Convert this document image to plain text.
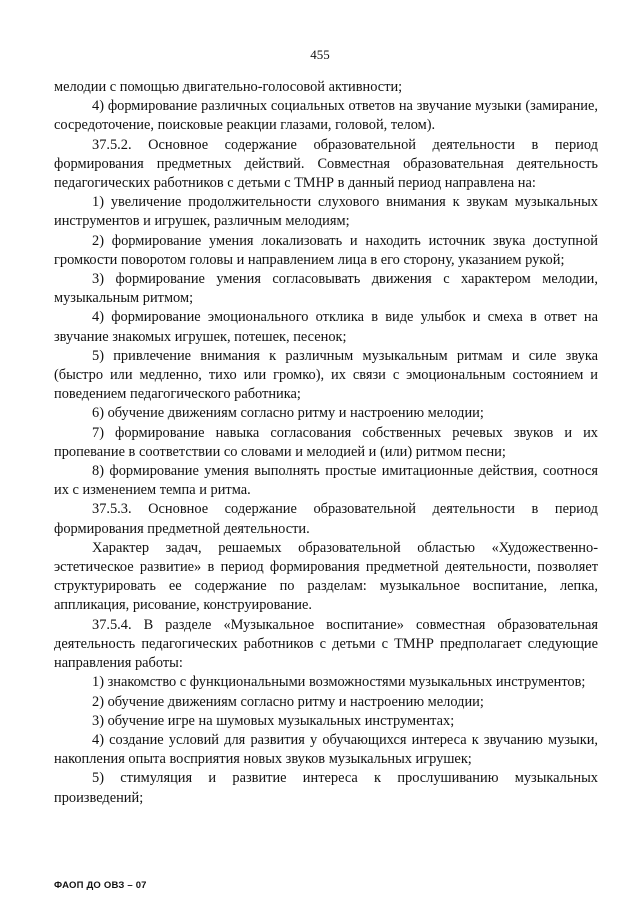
455

мелодии с помощью двигательно-голосовой активности;

4) формирование различных социальных ответов на звучание музыки (замирание, сосредоточение, поисковые реакции глазами, головой, телом).

37.5.2. Основное содержание образовательной деятельности в период формирования предметных действий. Совместная образовательная деятельность педагогических работников с детьми с ТМНР в данный период направлена на:

1) увеличение продолжительности слухового внимания к звукам музыкальных инструментов и игрушек, различным мелодиям;

2) формирование умения локализовать и находить источник звука доступной громкости поворотом головы и направлением лица в его сторону, указанием рукой;

3) формирование умения согласовывать движения с характером мелодии, музыкальным ритмом;

4) формирование эмоционального отклика в виде улыбок и смеха в ответ на звучание знакомых игрушек, потешек, песенок;

5) привлечение внимания к различным музыкальным ритмам и силе звука (быстро или медленно, тихо или громко), их связи с эмоциональным состоянием и поведением педагогического работника;

6) обучение движениям согласно ритму и настроению мелодии;

7) формирование навыка согласования собственных речевых звуков и их пропевание в соответствии со словами и мелодией и (или) ритмом песни;

8) формирование умения выполнять простые имитационные действия, соотнося их с изменением темпа и ритма.

37.5.3. Основное содержание образовательной деятельности в период формирования предметной деятельности.

Характер задач, решаемых образовательной областью «Художественно-эстетическое развитие» в период формирования предметной деятельности, позволяет структурировать ее содержание по разделам: музыкальное воспитание, лепка, аппликация, рисование, конструирование.

37.5.4. В разделе «Музыкальное воспитание» совместная образовательная деятельность педагогических работников с детьми с ТМНР предполагает следующие направления работы:

1) знакомство с функциональными возможностями музыкальных инструментов;

2) обучение движениям согласно ритму и настроению мелодии;

3) обучение игре на шумовых музыкальных инструментах;

4) создание условий для развития у обучающихся интереса к звучанию музыки, накопления опыта восприятия новых звуков музыкальных игрушек;

5) стимуляция и развитие интереса к прослушиванию музыкальных произведений;

ФАОП ДО ОВЗ – 07
